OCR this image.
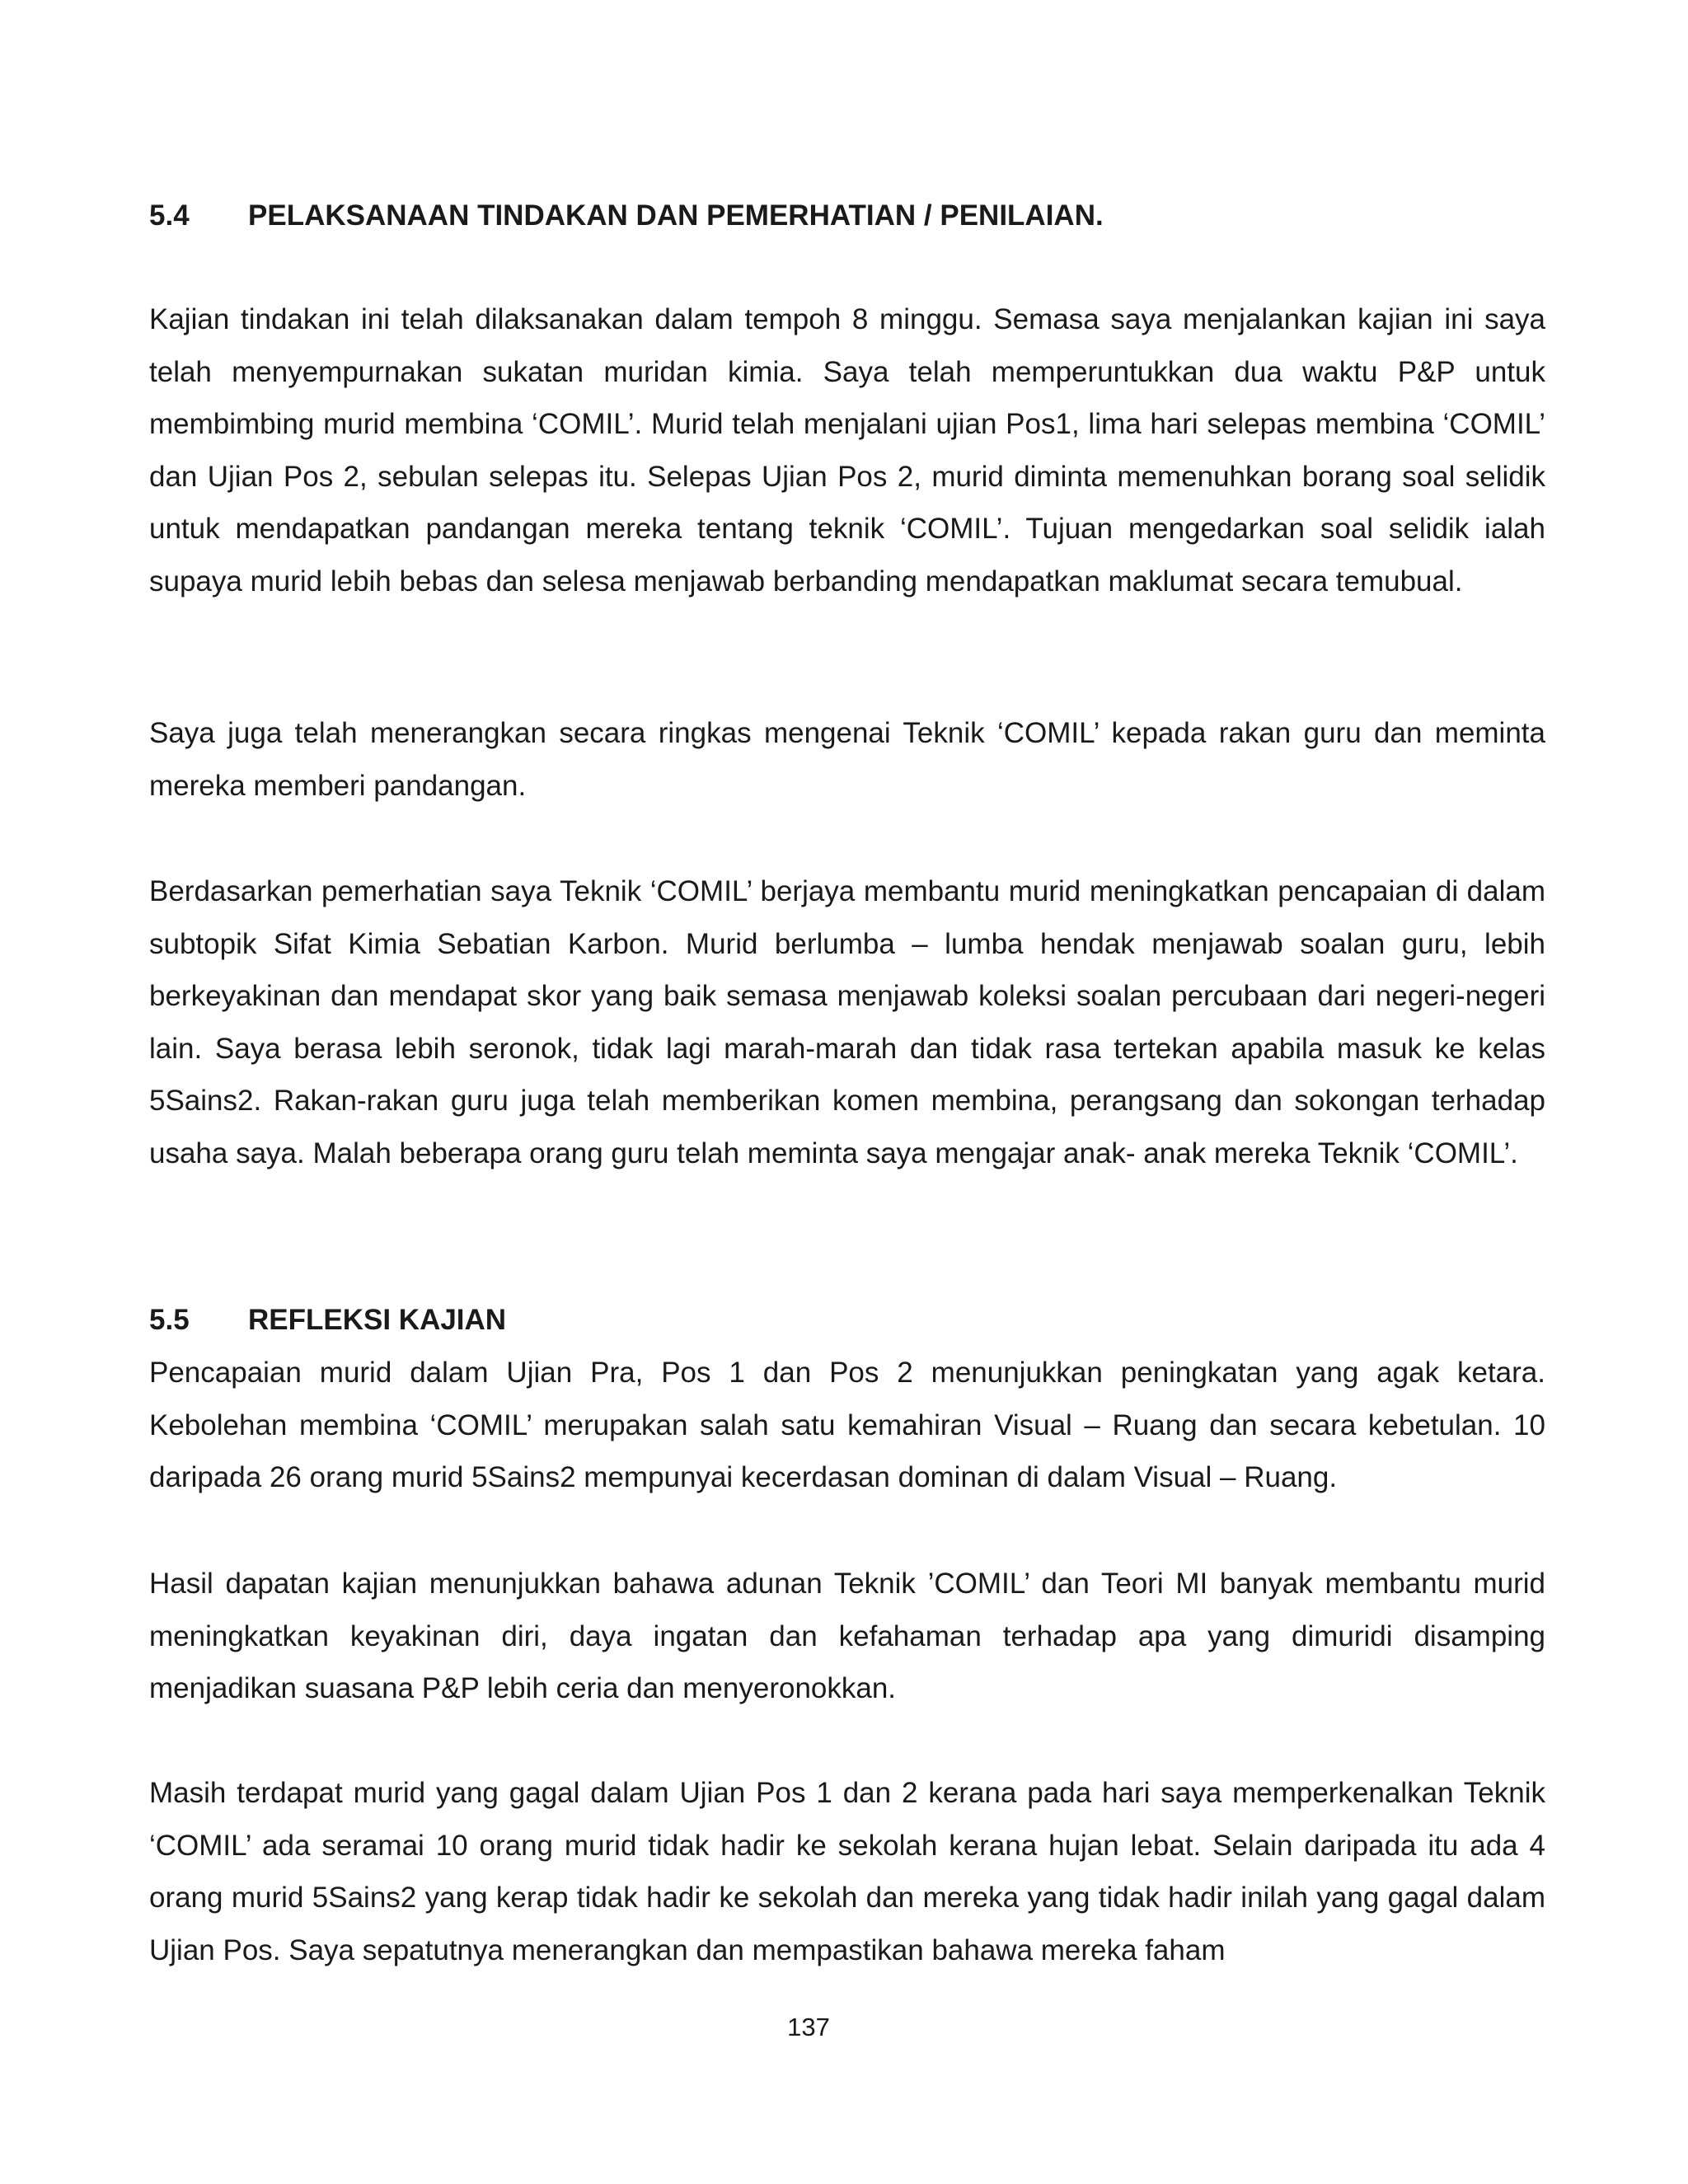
5.4 PELAKSANAAN TINDAKAN DAN PEMERHATIAN / PENILAIAN.

Kajian tindakan ini telah dilaksanakan dalam tempoh 8 minggu. Semasa saya menjalankan kajian ini saya telah menyempurnakan sukatan muridan kimia. Saya telah memperuntukkan dua waktu P&P untuk membimbing murid membina ‘COMIL’. Murid telah menjalani ujian Pos1, lima hari selepas membina ‘COMIL’ dan Ujian Pos 2, sebulan selepas itu. Selepas Ujian Pos 2, murid diminta memenuhkan borang soal selidik untuk mendapatkan pandangan mereka tentang teknik ‘COMIL’. Tujuan mengedarkan soal selidik ialah supaya murid lebih bebas dan selesa menjawab berbanding mendapatkan maklumat secara temubual.

Saya juga telah menerangkan secara ringkas mengenai Teknik ‘COMIL’ kepada rakan guru dan meminta mereka memberi pandangan.

Berdasarkan pemerhatian saya Teknik ‘COMIL’ berjaya membantu murid meningkatkan pencapaian di dalam subtopik Sifat Kimia Sebatian Karbon. Murid berlumba – lumba hendak menjawab soalan guru, lebih berkeyakinan dan mendapat skor yang baik semasa menjawab koleksi soalan percubaan dari negeri-negeri lain. Saya berasa lebih seronok, tidak lagi marah-marah dan tidak rasa tertekan apabila masuk ke kelas 5Sains2. Rakan-rakan guru juga telah memberikan komen membina, perangsang dan sokongan terhadap usaha saya. Malah beberapa orang guru telah meminta saya mengajar anak- anak mereka Teknik ‘COMIL’.

5.5 REFLEKSI KAJIAN

Pencapaian murid dalam Ujian Pra, Pos 1 dan Pos 2 menunjukkan peningkatan yang agak ketara. Kebolehan membina ‘COMIL’ merupakan salah satu kemahiran Visual – Ruang dan secara kebetulan. 10 daripada 26 orang murid 5Sains2 mempunyai kecerdasan dominan di dalam Visual – Ruang.

Hasil dapatan kajian menunjukkan bahawa adunan Teknik ’COMIL’ dan Teori MI banyak membantu murid meningkatkan keyakinan diri, daya ingatan dan kefahaman terhadap apa yang dimuridi disamping menjadikan suasana P&P lebih ceria dan menyeronokkan.

Masih terdapat murid yang gagal dalam Ujian Pos 1 dan 2 kerana pada hari saya memperkenalkan Teknik ‘COMIL’ ada seramai 10 orang murid tidak hadir ke sekolah kerana hujan lebat. Selain daripada itu ada 4 orang murid 5Sains2 yang kerap tidak hadir ke sekolah dan mereka yang tidak hadir inilah yang gagal dalam Ujian Pos. Saya sepatutnya menerangkan dan mempastikan bahawa mereka faham

137
